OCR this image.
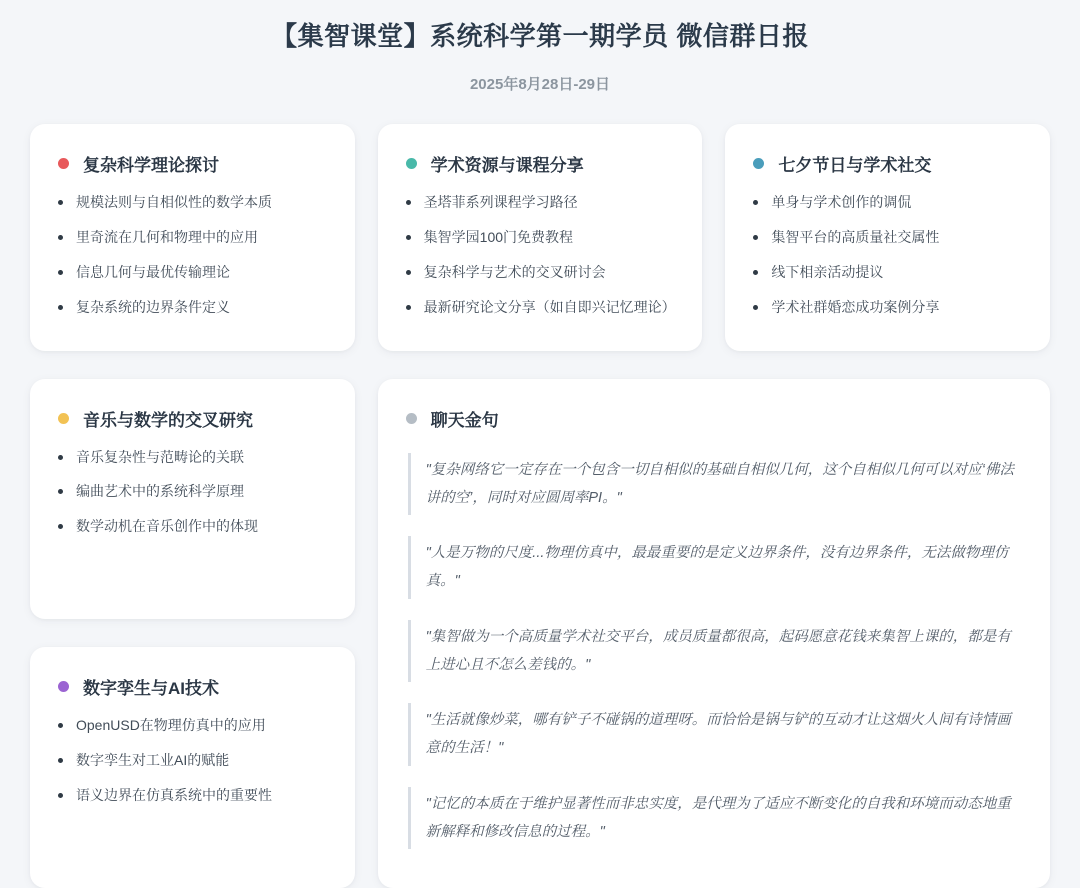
【集智课堂】系统科学第一期学员 微信群日报
2025年8月28日-29日
复杂科学理论探讨
规模法则与自相似性的数学本质
里奇流在几何和物理中的应用
信息几何与最优传输理论
复杂系统的边界条件定义
学术资源与课程分享
圣塔菲系列课程学习路径
集智学园100门免费教程
复杂科学与艺术的交叉研讨会
最新研究论文分享（如自即兴记忆理论）
七夕节日与学术社交
单身与学术创作的调侃
集智平台的高质量社交属性
线下相亲活动提议
学术社群婚恋成功案例分享
音乐与数学的交叉研究
音乐复杂性与范畴论的关联
编曲艺术中的系统科学原理
数学动机在音乐创作中的体现
聊天金句
"复杂网络它一定存在一个包含一切自相似的基础自相似几何，这个自相似几何可以对应‘佛法讲的空’，同时对应圆周率PI。"
"人是万物的尺度...物理仿真中，最最重要的是定义边界条件，没有边界条件，无法做物理仿真。"
"集智做为一个高质量学术社交平台，成员质量都很高，起码愿意花钱来集智上课的，都是有上进心且不怎么差钱的。"
"生活就像炒菜，哪有铲子不碰锅的道理呀。而恰恰是锅与铲的互动才让这烟火人间有诗情画意的生活！"
"记忆的本质在于维护显著性而非忠实度，是代理为了适应不断变化的自我和环境而动态地重新解释和修改信息的过程。"
数字孪生与AI技术
OpenUSD在物理仿真中的应用
数字孪生对工业AI的赋能
语义边界在仿真系统中的重要性
